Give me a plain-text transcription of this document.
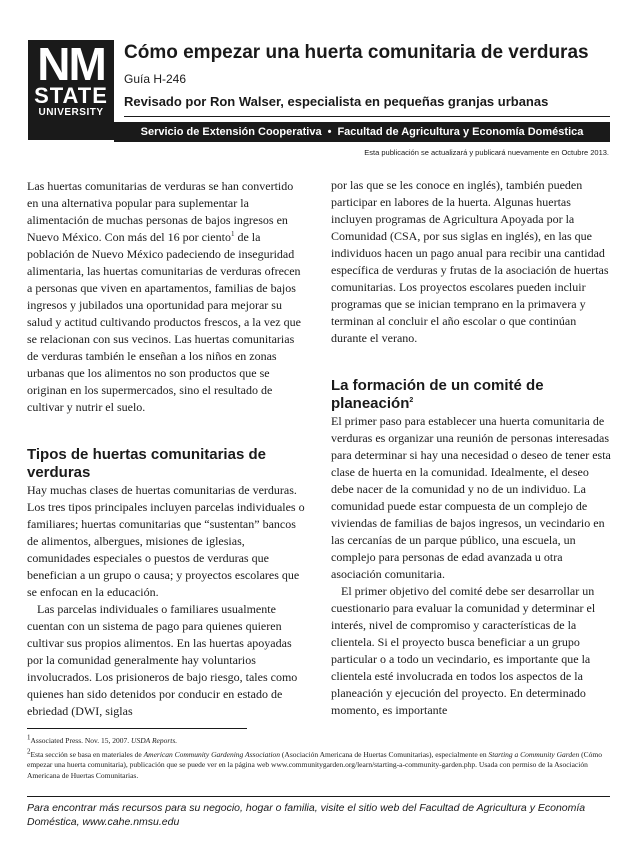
NM
STATE
UNIVERSITY
Cómo empezar una huerta comunitaria de verduras
Guía H-246
Revisado por Ron Walser, especialista en pequeñas granjas urbanas
Servicio de Extensión Cooperativa • Facultad de Agricultura y Economía Doméstica
Esta publicación se actualizará y publicará nuevamente en Octubre 2013.

Las huertas comunitarias de verduras se han convertido en una alternativa popular para suplementar la alimentación de muchas personas de bajos ingresos en Nuevo México. Con más del 16 por ciento$^1$ de la población de Nuevo México padeciendo de inseguridad alimentaria, las huertas comunitarias de verduras ofrecen a personas que viven en apartamentos, familias de bajos ingresos y jubilados una oportunidad para mejorar su salud y actitud cultivando productos frescos, a la vez que se relacionan con sus vecinos. Las huertas comunitarias de verduras también le enseñan a los niños en zonas urbanas que los alimentos no son productos que se originan en los supermercados, sino el resultado de cultivar y nutrir el suelo.

Tipos de huertas comunitarias de verduras

Hay muchas clases de huertas comunitarias de verduras. Los tres tipos principales incluyen parcelas individuales o familiares; huertas comunitarias que “sustentan” bancos de alimentos, albergues, misiones de iglesias, comunidades especiales o puestos de verduras que benefician a un grupo o causa; y proyectos escolares que se enfocan en la educación.

Las parcelas individuales o familiares usualmente cuentan con un sistema de pago para quienes quieren cultivar sus propios alimentos. En las huertas apoyadas por la comunidad generalmente hay voluntarios involucrados. Los prisioneros de bajo riesgo, tales como quienes han sido detenidos por conducir en estado de ebriedad (DWI, siglas

por las que se les conoce en inglés), también pueden participar en labores de la huerta. Algunas huertas incluyen programas de Agricultura Apoyada por la Comunidad (CSA, por sus siglas en inglés), en las que individuos hacen un pago anual para recibir una cantidad específica de verduras y frutas de la asociación de huertas comunitarias. Los proyectos escolares pueden incluir programas que se inician temprano en la primavera y terminan al concluir el año escolar o que continúan durante el verano.

La formación de un comité de planeación$^2$

El primer paso para establecer una huerta comunitaria de verduras es organizar una reunión de personas interesadas para determinar si hay una necesidad o deseo de tener esta clase de huerta en la comunidad. Idealmente, el deseo debe nacer de la comunidad y no de un individuo. La comunidad puede estar compuesta de un complejo de viviendas de familias de bajos ingresos, un vecindario en las cercanías de un parque público, una escuela, un complejo para personas de edad avanzada u otra asociación comunitaria.

El primer objetivo del comité debe ser desarrollar un cuestionario para evaluar la comunidad y determinar el interés, nivel de compromiso y características de la clientela. Si el proyecto busca beneficiar a un grupo particular o a todo un vecindario, es importante que la clientela esté involucrada en todos los aspectos de la planeación y ejecución del proyecto. En determinado momento, es importante

$^1$Associated Press. Nov. 15, 2007. USDA Reports.

$^2$Esta sección se basa en materiales de American Community Gardening Association (Asociación Americana de Huertas Comunitarias), especialmente en Starting a Community Garden (Cómo empezar una huerta comunitaria), publicación que se puede ver en la página web www.communitygarden.org/learn/starting-a-community-garden.php. Usada con permiso de la Asociación Americana de Huertas Comunitarias.

Para encontrar más recursos para su negocio, hogar o familia, visite el sitio web del Facultad de Agricultura y Economía Doméstica, www.cahe.nmsu.edu
